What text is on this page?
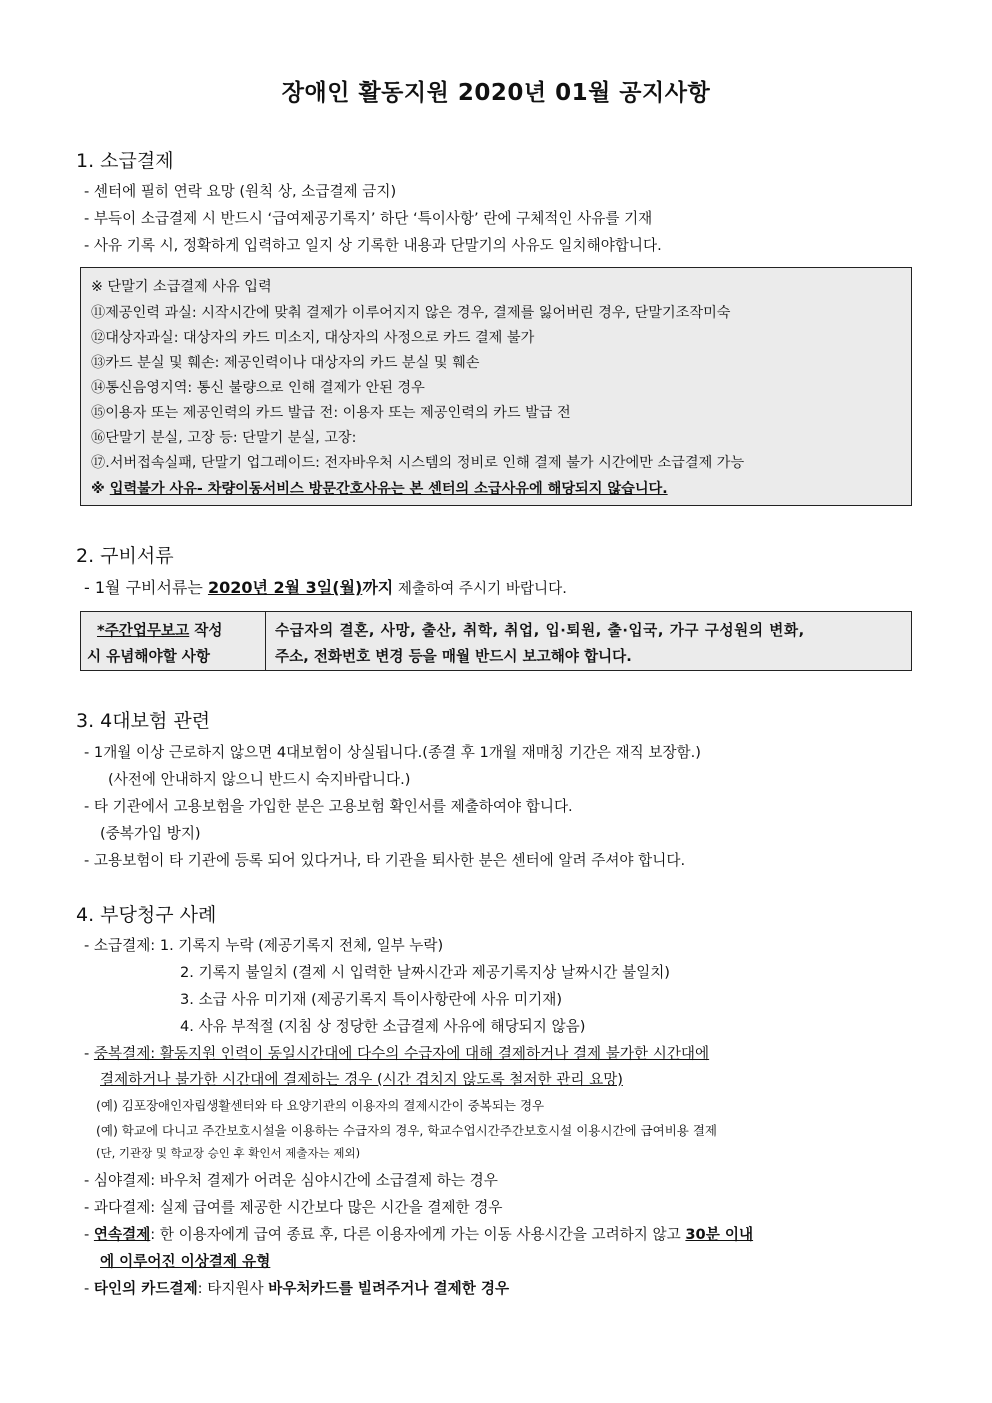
장애인 활동지원 2020년 01월 공지사항
1. 소급결제
- 센터에 필히 연락 요망 (원칙 상, 소급결제 금지)
- 부득이 소급결제 시 반드시 ‘급여제공기록지’ 하단 ‘특이사항’ 란에 구체적인 사유를 기재
- 사유 기록 시, 정확하게 입력하고 일지 상 기록한 내용과 단말기의 사유도 일치해야합니다.
※ 단말기 소급결제 사유 입력
⑪제공인력 과실: 시작시간에 맞춰 결제가 이루어지지 않은 경우, 결제를 잃어버린 경우, 단말기조작미숙
⑫대상자과실: 대상자의 카드 미소지, 대상자의 사정으로 카드 결제 불가
⑬카드 분실 및 훼손: 제공인력이나 대상자의 카드 분실 및 훼손
⑭통신음영지역: 통신 불량으로 인해 결제가 안된 경우
⑮이용자 또는 제공인력의 카드 발급 전: 이용자 또는 제공인력의 카드 발급 전
⑯단말기 분실, 고장 등: 단말기 분실, 고장:
⑰.서버접속실패, 단말기 업그레이드: 전자바우처 시스템의 정비로 인해 결제 불가 시간에만 소급결제 가능
※ 입력불가 사유- 차량이동서비스 방문간호사유는 본 센터의 소급사유에 해당되지 않습니다.
2. 구비서류
- 1월 구비서류는 2020년 2월 3일(월)까지 제출하여 주시기 바랍니다.
*주간업무보고 작성
시 유념해야할 사항
수급자의 결혼, 사망, 출산, 취학, 취업, 입·퇴원, 출·입국, 가구 구성원의 변화,
주소, 전화번호 변경 등을 매월 반드시 보고해야 합니다.
3. 4대보험 관련
- 1개월 이상 근로하지 않으면 4대보험이 상실됩니다.(종결 후 1개월 재매칭 기간은 재직 보장함.)
(사전에 안내하지 않으니 반드시 숙지바랍니다.)
- 타 기관에서 고용보험을 가입한 분은 고용보험 확인서를 제출하여야 합니다.
(중복가입 방지)
- 고용보험이 타 기관에 등록 되어 있다거나, 타 기관을 퇴사한 분은 센터에 알려 주셔야 합니다.
4. 부당청구 사례
- 소급결제: 1. 기록지 누락 (제공기록지 전체, 일부 누락)
2. 기록지 불일치 (결제 시 입력한 날짜시간과 제공기록지상 날짜시간 불일치)
3. 소급 사유 미기재 (제공기록지 특이사항란에 사유 미기재)
4. 사유 부적절 (지침 상 정당한 소급결제 사유에 해당되지 않음)
- 중복결제: 활동지원 인력이 동일시간대에 다수의 수급자에 대해 결제하거나 결제 불가한 시간대에
결제하거나 불가한 시간대에 결제하는 경우 (시간 겹치지 않도록 철저한 관리 요망)
(예) 김포장애인자립생활센터와 타 요양기관의 이용자의 결제시간이 중복되는 경우
(예) 학교에 다니고 주간보호시설을 이용하는 수급자의 경우, 학교수업시간주간보호시설 이용시간에 급여비용 결제
(단, 기관장 및 학교장 승인 후 확인서 제출자는 제외)
- 심야결제: 바우처 결제가 어려운 심야시간에 소급결제 하는 경우
- 과다결제: 실제 급여를 제공한 시간보다 많은 시간을 결제한 경우
- 연속결제: 한 이용자에게 급여 종료 후, 다른 이용자에게 가는 이동 사용시간을 고려하지 않고 30분 이내
에 이루어진 이상결제 유형
- 타인의 카드결제: 타지원사 바우처카드를 빌려주거나 결제한 경우
